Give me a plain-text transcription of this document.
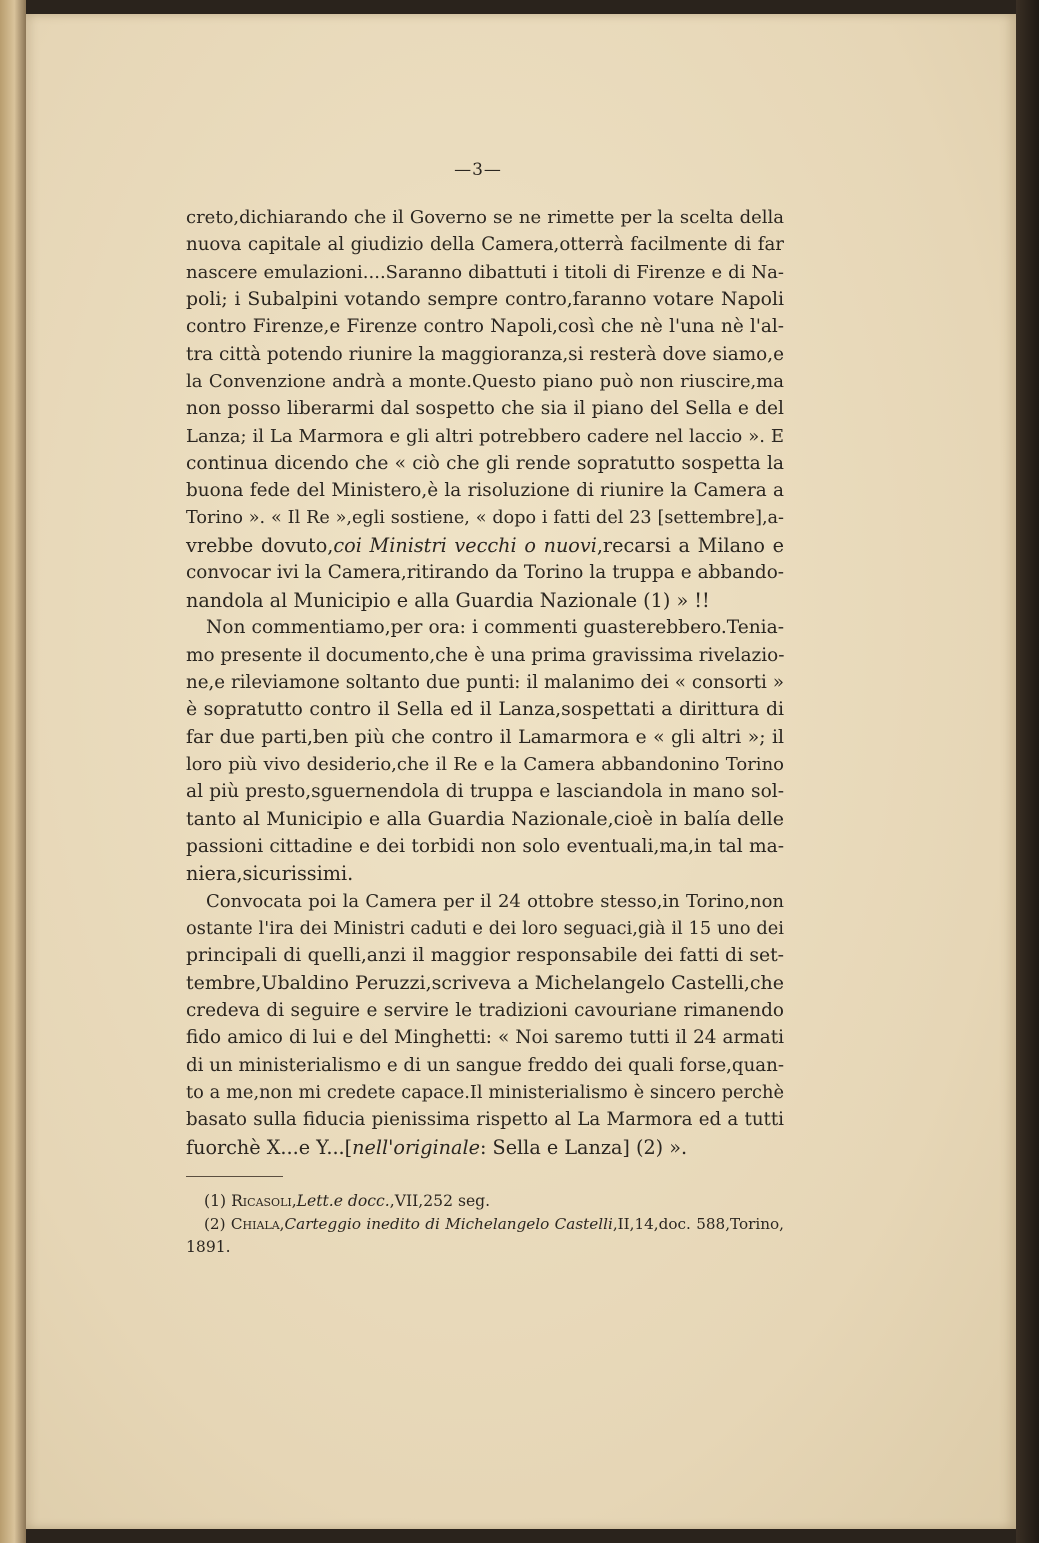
—3—
creto,dichiarando che il Governo se ne rimette per la scelta della
nuova capitale al giudizio della Camera,otterrà facilmente di far
nascere emulazioni....Saranno dibattuti i titoli di Firenze e di Na-
poli; i Subalpini votando sempre contro,faranno votare Napoli
contro Firenze,e Firenze contro Napoli,così che nè l'una nè l'al-
tra città potendo riunire la maggioranza,si resterà dove siamo,e
la Convenzione andrà a monte.Questo piano può non riuscire,ma
non posso liberarmi dal sospetto che sia il piano del Sella e del
Lanza; il La Marmora e gli altri potrebbero cadere nel laccio ». E
continua dicendo che « ciò che gli rende sopratutto sospetta la
buona fede del Ministero,è la risoluzione di riunire la Camera a
Torino ». « Il Re »,egli sostiene, « dopo i fatti del 23 [settembre],a-
vrebbe dovuto,coi Ministri vecchi o nuovi,recarsi a Milano e
convocar ivi la Camera,ritirando da Torino la truppa e abbando-
nandola al Municipio e alla Guardia Nazionale (1) » !!
Non commentiamo,per ora: i commenti guasterebbero.Tenia-
mo presente il documento,che è una prima gravissima rivelazio-
ne,e rileviamone soltanto due punti: il malanimo dei « consorti »
è sopratutto contro il Sella ed il Lanza,sospettati a dirittura di
far due parti,ben più che contro il Lamarmora e « gli altri »; il
loro più vivo desiderio,che il Re e la Camera abbandonino Torino
al più presto,sguernendola di truppa e lasciandola in mano sol-
tanto al Municipio e alla Guardia Nazionale,cioè in balía delle
passioni cittadine e dei torbidi non solo eventuali,ma,in tal ma-
niera,sicurissimi.
Convocata poi la Camera per il 24 ottobre stesso,in Torino,non
ostante l'ira dei Ministri caduti e dei loro seguaci,già il 15 uno dei
principali di quelli,anzi il maggior responsabile dei fatti di set-
tembre,Ubaldino Peruzzi,scriveva a Michelangelo Castelli,che
credeva di seguire e servire le tradizioni cavouriane rimanendo
fido amico di lui e del Minghetti: « Noi saremo tutti il 24 armati
di un ministerialismo e di un sangue freddo dei quali forse,quan-
to a me,non mi credete capace.Il ministerialismo è sincero perchè
basato sulla fiducia pienissima rispetto al La Marmora ed a tutti
fuorchè X...e Y...[nell'originale: Sella e Lanza] (2) ».
(1) Ricasoli,Lett.e docc.,VII,252 seg.
(2) Chiala,Carteggio inedito di Michelangelo Castelli,II,14,doc. 588,Torino,
1891.
